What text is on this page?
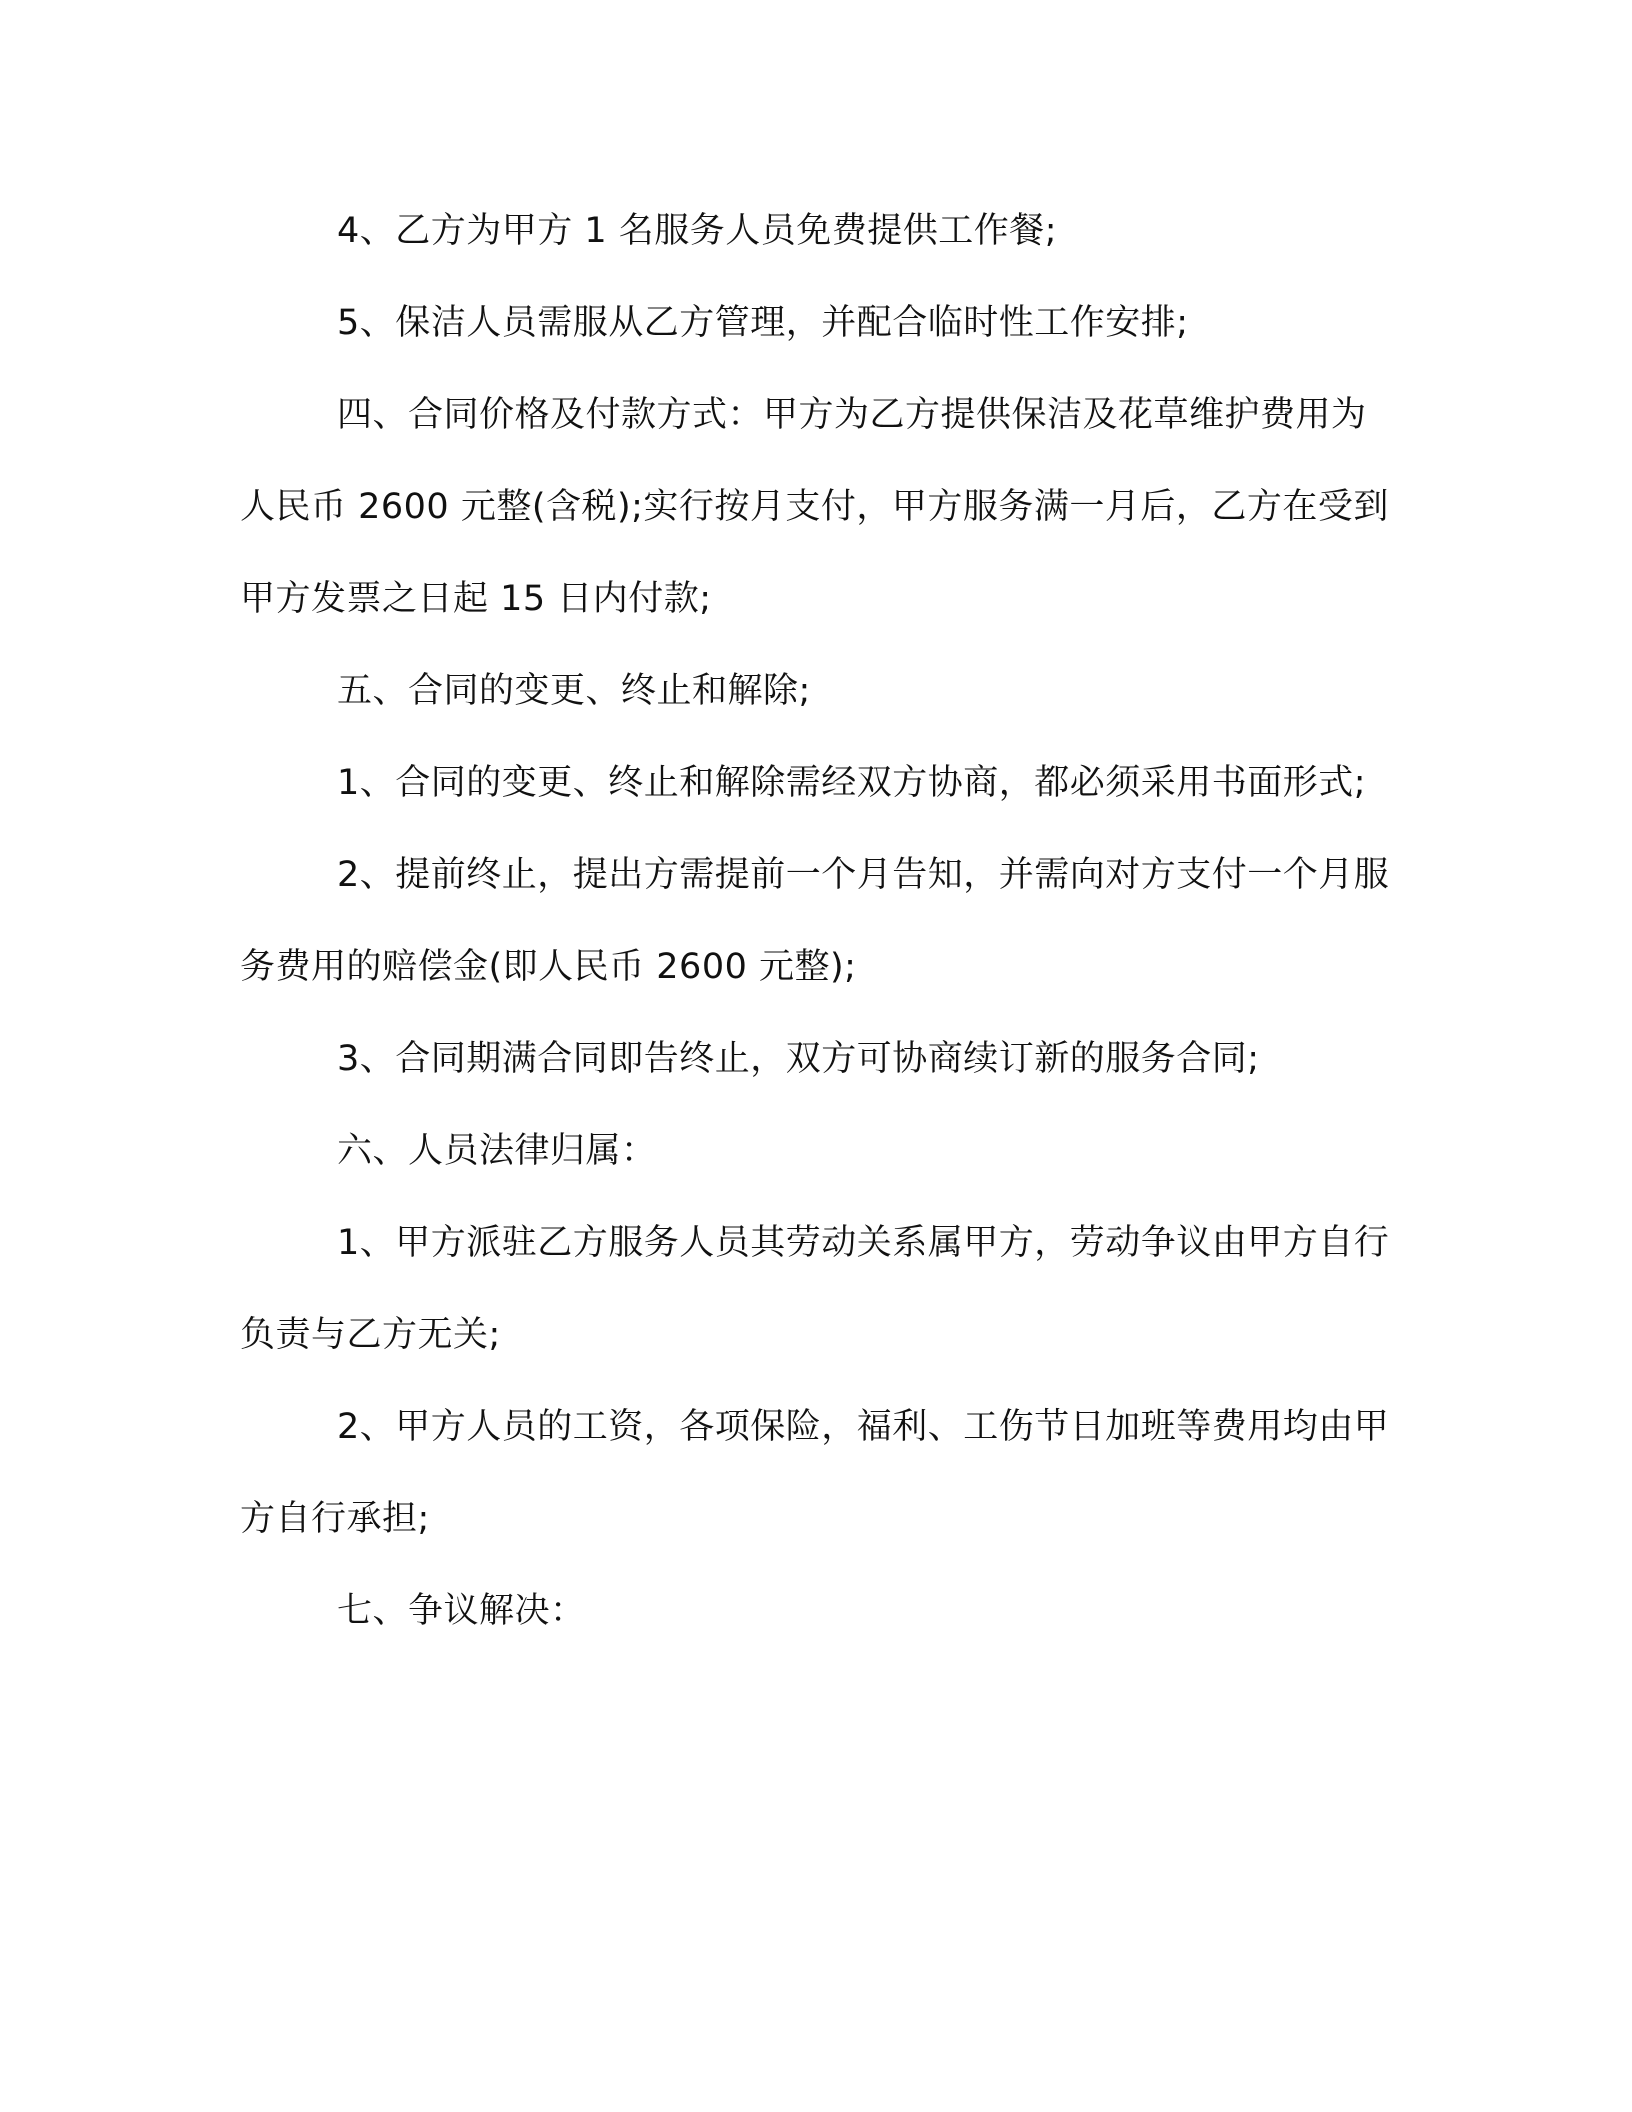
4、乙方为甲方 1 名服务人员免费提供工作餐;

5、保洁人员需服从乙方管理，并配合临时性工作安排;

四、合同价格及付款方式：甲方为乙方提供保洁及花草维护费用为人民币 2600 元整(含税);实行按月支付，甲方服务满一月后，乙方在受到甲方发票之日起 15 日内付款;

五、合同的变更、终止和解除;

1、合同的变更、终止和解除需经双方协商，都必须采用书面形式;

2、提前终止，提出方需提前一个月告知，并需向对方支付一个月服务费用的赔偿金(即人民币 2600 元整);

3、合同期满合同即告终止，双方可协商续订新的服务合同;

六、人员法律归属：

1、甲方派驻乙方服务人员其劳动关系属甲方，劳动争议由甲方自行负责与乙方无关;

2、甲方人员的工资，各项保险，福利、工伤节日加班等费用均由甲方自行承担;

七、争议解决：
